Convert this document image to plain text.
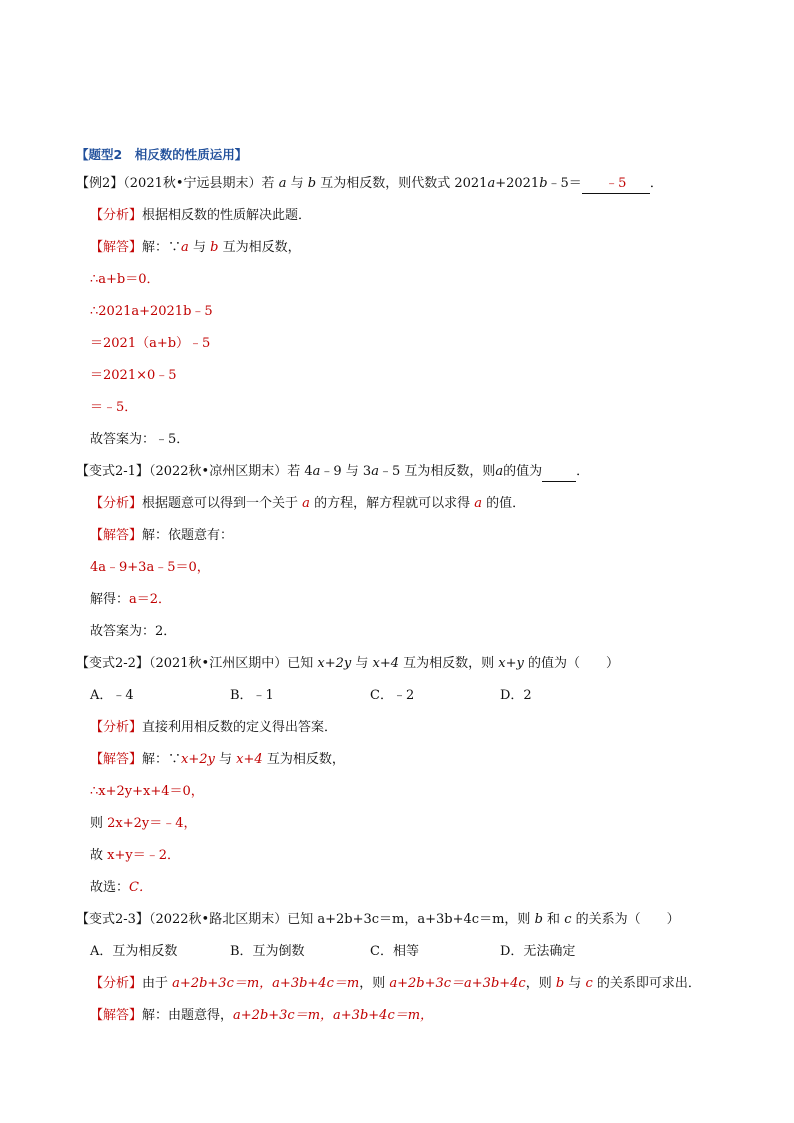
【题型2　相反数的性质运用】
【例2】（2021秋•宁远县期末）若 a 与 b 互为相反数，则代数式 2021a+2021b﹣5＝ ﹣5 ．
【分析】根据相反数的性质解决此题．
【解答】解：∵a 与 b 互为相反数，
∴a+b＝0．
∴2021a+2021b﹣5
＝2021（a+b）﹣5
＝2021×0﹣5
＝﹣5．
故答案为：﹣5．
【变式2-1】（2022秋•凉州区期末）若 4a﹣9 与 3a﹣5 互为相反数，则a的值为	．
【分析】根据题意可以得到一个关于 a 的方程，解方程就可以求得 a 的值．
【解答】解：依题意有：
4a﹣9+3a﹣5＝0，
解得：a＝2．
故答案为：2．
【变式2-2】（2021秋•江州区期中）已知 x+2y 与 x+4 互为相反数，则 x+y 的值为（　　）
A．﹣4	B．﹣1	C．﹣2	D．2
【分析】直接利用相反数的定义得出答案．
【解答】解：∵x+2y 与 x+4 互为相反数，
∴x+2y+x+4＝0，
则 2x+2y＝﹣4，
故 x+y＝﹣2．
故选：C．
【变式2-3】（2022秋•路北区期末）已知 a+2b+3c＝m，a+3b+4c＝m，则 b 和 c 的关系为（　　）
A．互为相反数	B．互为倒数	C．相等	D．无法确定
【分析】由于 a+2b+3c＝m，a+3b+4c＝m，则 a+2b+3c＝a+3b+4c，则 b 与 c 的关系即可求出．
【解答】解：由题意得，a+2b+3c＝m，a+3b+4c＝m，
